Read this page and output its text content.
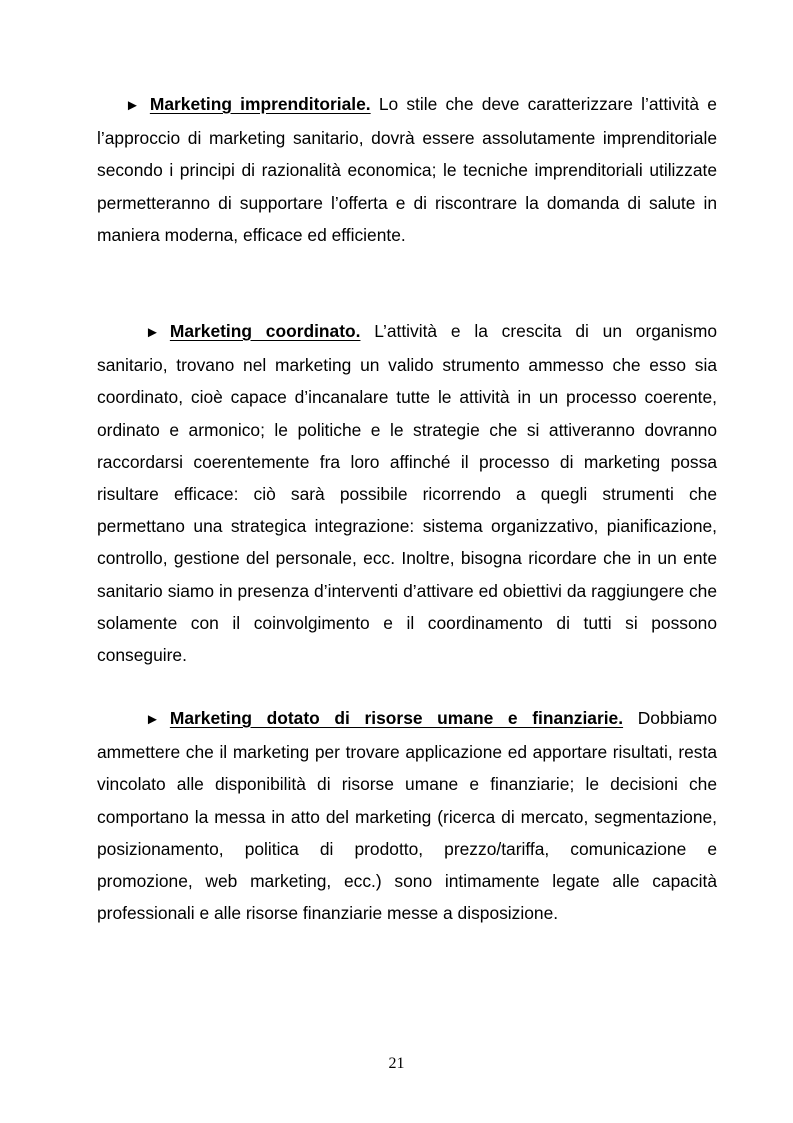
► Marketing imprenditoriale. Lo stile che deve caratterizzare l’attività e l’approccio di marketing sanitario, dovrà essere assolutamente imprenditoriale secondo i principi di razionalità economica; le tecniche imprenditoriali utilizzate permetteranno di supportare l’offerta e di riscontrare la domanda di salute in maniera moderna, efficace ed efficiente.

► Marketing coordinato. L’attività e la crescita di un organismo sanitario, trovano nel marketing un valido strumento ammesso che esso sia coordinato, cioè capace d’incanalare tutte le attività in un processo coerente, ordinato e armonico; le politiche e le strategie che si attiveranno dovranno raccordarsi coerentemente fra loro affinché il processo di marketing possa risultare efficace: ciò sarà possibile ricorrendo a quegli strumenti che permettano una strategica integrazione: sistema organizzativo, pianificazione, controllo, gestione del personale, ecc. Inoltre, bisogna ricordare che in un ente sanitario siamo in presenza d’interventi d’attivare ed obiettivi da raggiungere che solamente con il coinvolgimento e il coordinamento di tutti si possono conseguire.

► Marketing dotato di risorse umane e finanziarie. Dobbiamo ammettere che il marketing per trovare applicazione ed apportare risultati, resta vincolato alle disponibilità di risorse umane e finanziarie; le decisioni che comportano la messa in atto del marketing (ricerca di mercato, segmentazione, posizionamento, politica di prodotto, prezzo/tariffa, comunicazione e promozione, web marketing, ecc.) sono intimamente legate alle capacità professionali e alle risorse finanziarie messe a disposizione.

21
